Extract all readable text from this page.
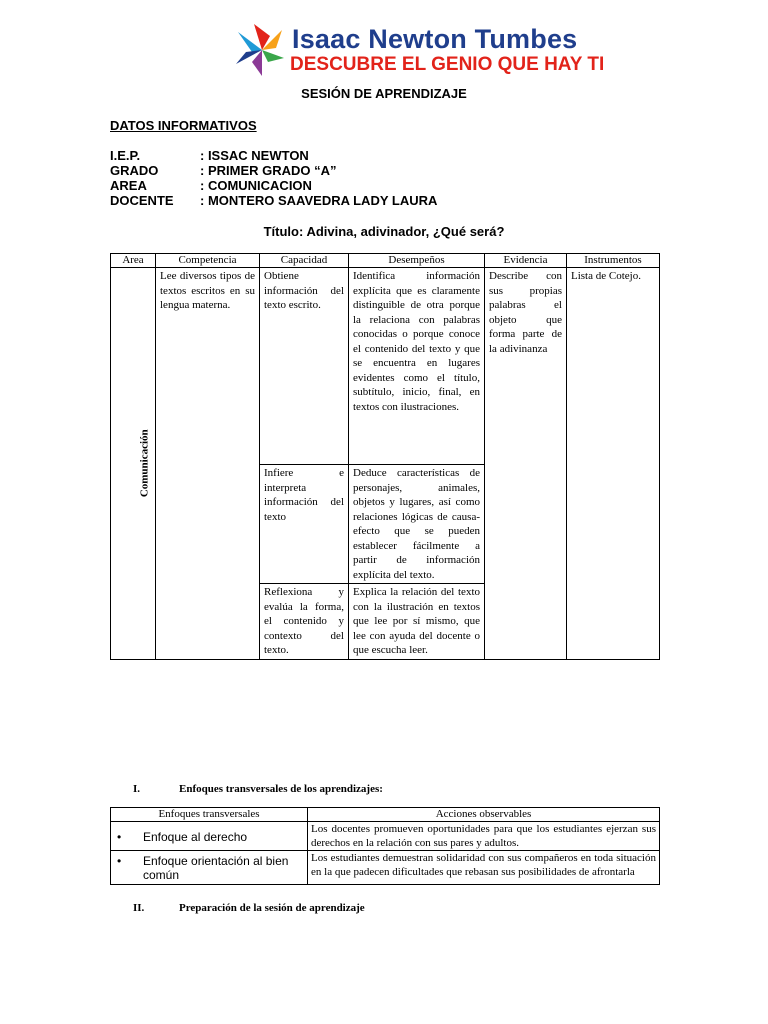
Isaac Newton Tumbes
DESCUBRE EL GENIO QUE HAY TI
SESIÓN DE APRENDIZAJE
DATOS INFORMATIVOS
I.E.P.	: ISSAC NEWTON
GRADO	: PRIMER GRADO “A”
AREA	: COMUNICACION
DOCENTE : MONTERO SAAVEDRA LADY LAURA
Título: Adivina, adivinador, ¿Qué será?
Area	Competencia	Capacidad	Desempeños	Evidencia	Instrumentos
Comunicación	Lee diversos tipos de textos escritos en su lengua materna.	Obtiene información del texto escrito.	Identifica información explícita que es claramente distinguible de otra porque la relaciona con palabras conocidas o porque conoce el contenido del texto y que se encuentra en lugares evidentes como el título, subtítulo, inicio, final, en textos con ilustraciones.	Describe con sus propias palabras el objeto que forma parte de la adivinanza	Lista de Cotejo.
		Infiere e interpreta información del texto	Deduce características de personajes, animales, objetos y lugares, así como relaciones lógicas de causa-efecto que se pueden establecer fácilmente a partir de información explícita del texto.		
		Reflexiona y evalúa la forma, el contenido y contexto del texto.	Explica la relación del texto con la ilustración en textos que lee por sí mismo, que lee con ayuda del docente o que escucha leer.		
I.	Enfoques transversales de los aprendizajes:
Enfoques transversales	Acciones observables
• Enfoque al derecho	Los docentes promueven oportunidades para que los estudiantes ejerzan sus derechos en la relación con sus pares y adultos.
• Enfoque orientación al bien común	Los estudiantes demuestran solidaridad con sus compañeros en toda situación en la que padecen dificultades que rebasan sus posibilidades de afrontarla
II.	Preparación de la sesión de aprendizaje
